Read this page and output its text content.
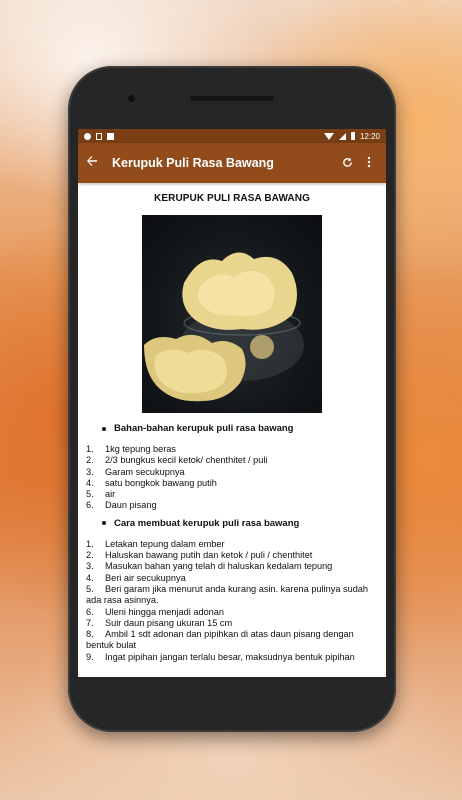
12:20
Kerupuk Puli Rasa Bawang
KERUPUK PULI RASA BAWANG
Bahan-bahan kerupuk puli rasa bawang
1.	1kg tepung beras
2.	2/3 bungkus kecil ketok/ chenthitet / puli
3.	Garam secukupnya
4.	satu bongkok bawang putih
5.	air
6.	Daun pisang
Cara membuat kerupuk puli rasa bawang
1.	Letakan tepung dalam ember
2.	Haluskan bawang putih dan ketok / puli / chenthitet
3.	Masukan bahan yang telah di haluskan kedalam tepung
4.	Beri air secukupnya
5. Beri garam jika menurut anda kurang asin. karena pulinya sudah ada rasa asinnya.
6.	Uleni hingga menjadi adonan
7.	Suir daun pisang ukuran 15 cm
8. Ambil 1 sdt adonan dan pipihkan di atas daun pisang dengan bentuk bulat
9. Ingat pipihan jangan terlalu besar, maksudnya bentuk pipihan
